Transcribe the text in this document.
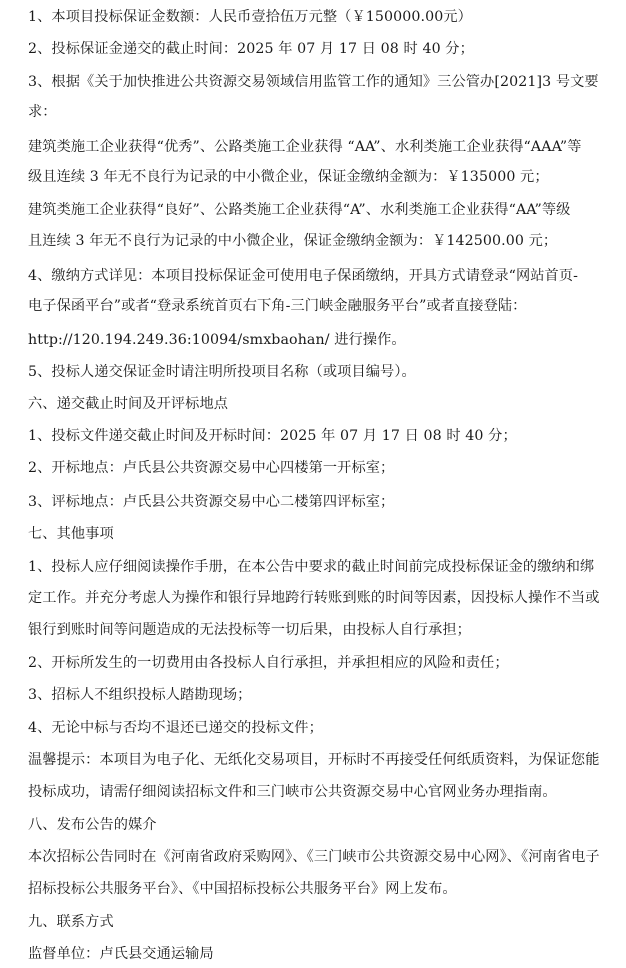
1、本项目投标保证金数额：人民币壹拾伍万元整（￥150000.00元）
2、投标保证金递交的截止时间：2025 年 07 月 17 日 08 时 40 分；
3、根据《关于加快推进公共资源交易领域信用监管工作的通知》三公管办[2021]3 号文要
求：
建筑类施工企业获得“优秀”、公路类施工企业获得 “AA”、水利类施工企业获得“AAA”等
级且连续 3 年无不良行为记录的中小微企业，保证金缴纳金额为：￥135000 元；
建筑类施工企业获得“良好”、公路类施工企业获得“A”、水利类施工企业获得“AA”等级
且连续 3 年无不良行为记录的中小微企业，保证金缴纳金额为：￥142500.00 元；
4、缴纳方式详见：本项目投标保证金可使用电子保函缴纳，开具方式请登录“网站首页-
电子保函平台”或者“登录系统首页右下角-三门峡金融服务平台”或者直接登陆：
http://120.194.249.36:10094/smxbaohan/ 进行操作。
5、投标人递交保证金时请注明所投项目名称（或项目编号）。
六、递交截止时间及开评标地点
1、投标文件递交截止时间及开标时间：2025 年 07 月 17 日 08 时 40 分；
2、开标地点：卢氏县公共资源交易中心四楼第一开标室；
3、评标地点：卢氏县公共资源交易中心二楼第四评标室；
七、其他事项
1、投标人应仔细阅读操作手册，在本公告中要求的截止时间前完成投标保证金的缴纳和绑
定工作。并充分考虑人为操作和银行异地跨行转账到账的时间等因素，因投标人操作不当或
银行到账时间等问题造成的无法投标等一切后果，由投标人自行承担；
2、开标所发生的一切费用由各投标人自行承担，并承担相应的风险和责任；
3、招标人不组织投标人踏勘现场；
4、无论中标与否均不退还已递交的投标文件；
温馨提示：本项目为电子化、无纸化交易项目，开标时不再接受任何纸质资料，为保证您能
投标成功，请需仔细阅读招标文件和三门峡市公共资源交易中心官网业务办理指南。
八、发布公告的媒介
本次招标公告同时在《河南省政府采购网》、《三门峡市公共资源交易中心网》、《河南省电子
招标投标公共服务平台》、《中国招标投标公共服务平台》网上发布。
九、联系方式
监督单位：卢氏县交通运输局
